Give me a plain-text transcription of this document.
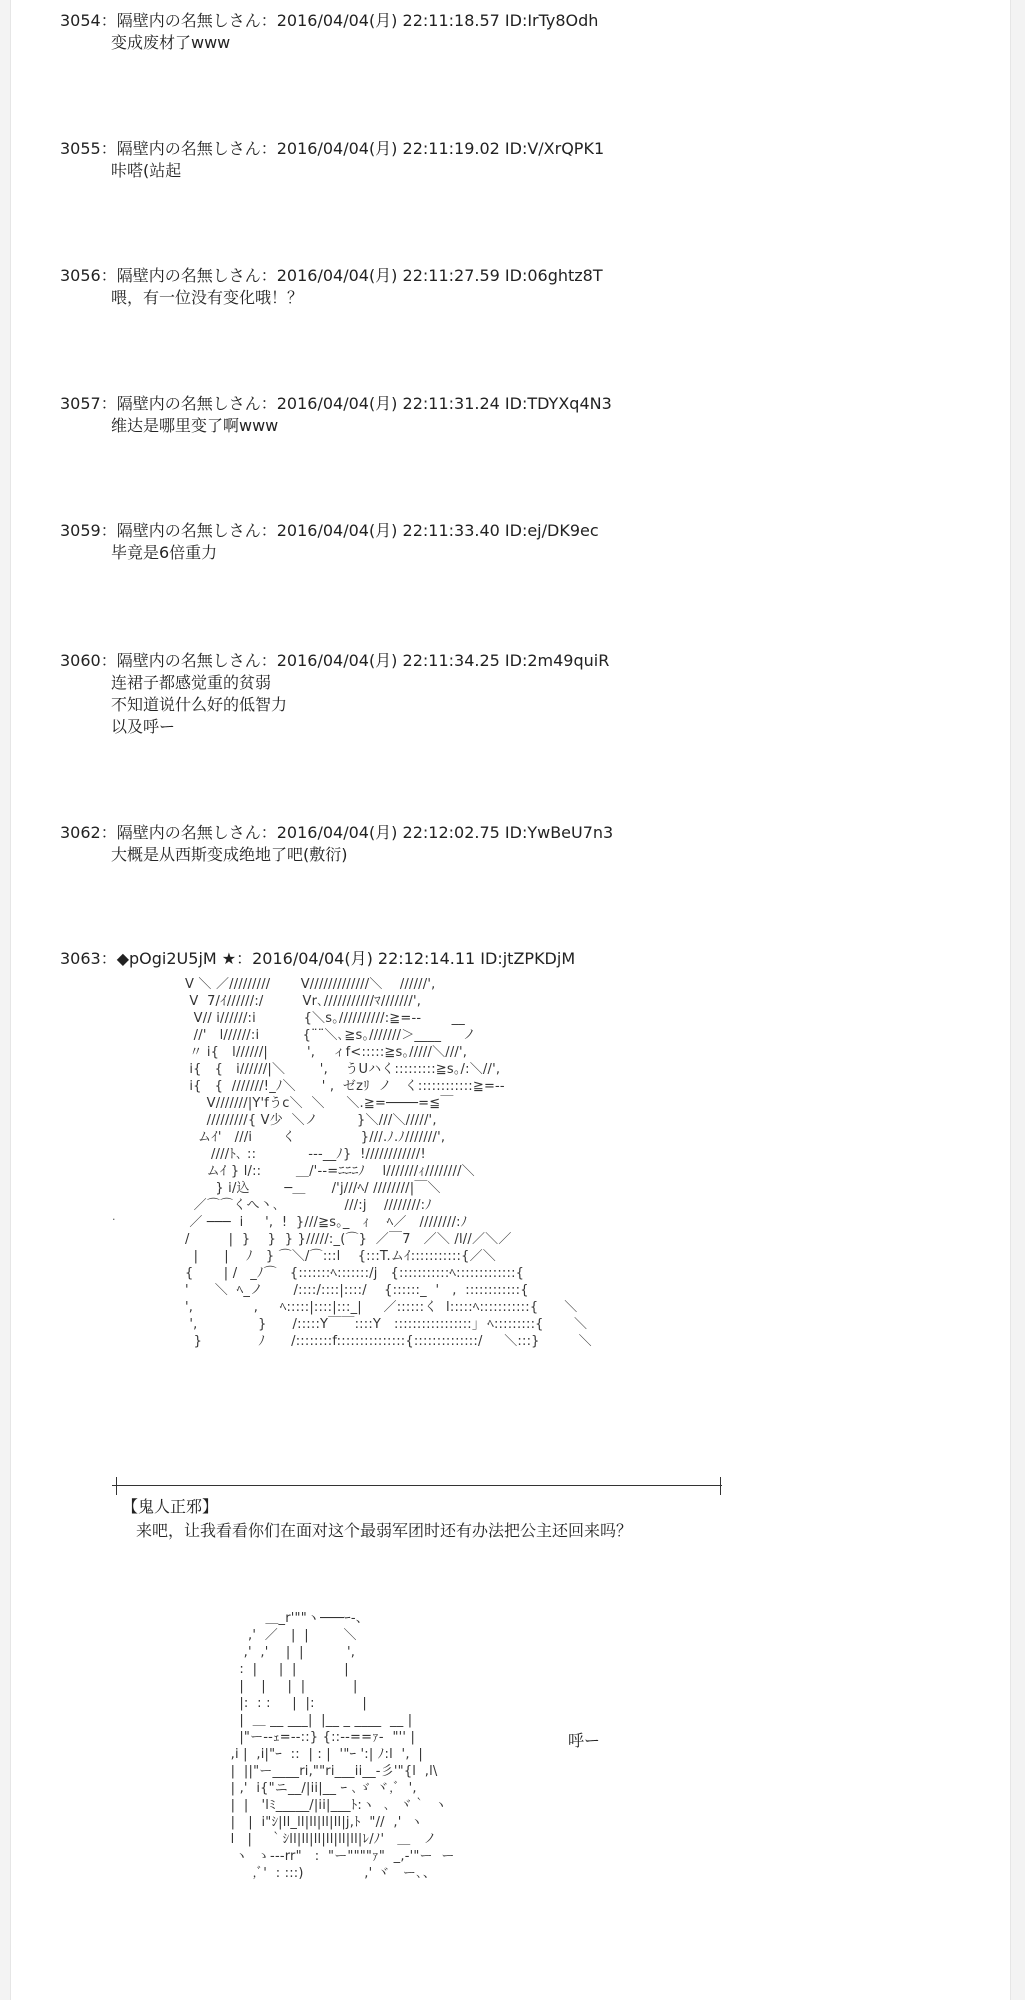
3054：隔壁内の名無しさん：2016/04/04(月) 22:11:18.57 ID:IrTy8Odh
变成废材了www
3055：隔壁内の名無しさん：2016/04/04(月) 22:11:19.02 ID:V/XrQPK1
咔嗒(站起
3056：隔壁内の名無しさん：2016/04/04(月) 22:11:27.59 ID:06ghtz8T
喂，有一位没有变化哦！？
3057：隔壁内の名無しさん：2016/04/04(月) 22:11:31.24 ID:TDYXq4N3
维达是哪里变了啊www
3059：隔壁内の名無しさん：2016/04/04(月) 22:11:33.40 ID:ej/DK9ec
毕竟是6倍重力
3060：隔壁内の名無しさん：2016/04/04(月) 22:11:34.25 ID:2m49quiR
连裙子都感觉重的贫弱
不知道说什么好的低智力
以及呼ー
3062：隔壁内の名無しさん：2016/04/04(月) 22:12:02.75 ID:YwBeU7n3
大概是从西斯变成绝地了吧(敷衍)
3063：◆pOgi2U5jM ★：2016/04/04(月) 22:12:14.11 ID:jtZPKDjM
V ＼ ／/////////       V/////////////＼    //////',
V  7/ｲ//////:/         Vr､///////////ﾏ///////',
V// i//////:i           {＼s｡//////////:≧=-‐       __
//'   l//////:i          {¨¨＼､≧s｡///////＞____     ノ
〃 i{   l//////|         ',    ィf<:::::≧s｡/////＼///',
i{   {   i//////|＼        ',    うUハく:::::::::≧s｡/:＼//',
i{   {  ///////!_ﾉ＼      ' ,  ゼzﾘ  ノ   く::::::::::::≧=-‐
V///////|Y'fうc＼  ＼     ＼.≧=────=≦￣
/////////{ V少  ＼ノ         }＼///＼/////',
ムｲ'   ///i       く               }///.ﾉ.ﾉ///////',
////ﾄ､ ::            ‐--__ﾉ}  !////////////!
ムｲ } l/::        ＿/'-‐=ﾆﾆﾆﾉ    l///////ｨ////////＼
} i/込        ─＿      /'j///ﾍ/ ////////|￣＼
／⌒⌒くへ丶､               ///:j    ////////:ﾉ
／ ───  i     ',  !  }///≧s｡_   ｨ    ﾍ／   ////////:ﾉ
/         |  }    }  } }/////:_(⌒}  ／￣7   ／＼ /l//／＼／
|      |    ﾉ   } ⌒＼/⌒:::l    {:::T.ムｲ:::::::::::{／＼
{       | /   _ﾉ⌒   {:::::::ﾍ:::::::/j   {:::::::::::ﾍ:::::::::::::{
'      ＼  ﾍ_ノ       /::::/::::|::::/    {::::::_  '   ,  ::::::::::::{
',              ,     ﾍ:::::|::::|:::_|     ／::::::く  l:::::ﾍ:::::::::::{      ＼
',              }      /:::::Y￣￣::::Y   :::::::::::::::::｣  ﾍ:::::::::{       ＼
}             ﾉ      /::::::::f:::::::::::::::{::::::::::::::/     ＼:::}         ＼
.
【鬼人正邪】
来吧，让我看看你们在面对这个最弱军团时还有办法把公主还回来吗？
＿_r'""ヽ───ｰ-、
,'  ／   |  |        ＼
,'  ,'    |  |          ',
:  |     |  |           |
|    |     |  |           |
|:  : :     |  |:           |
|  ＿ __ ___|  |__ _ ____  __ |
|"ー--ｪ=--::} {::--==ｧ-  "'' |
,i |  ,i|"ｰ  ::  | : |  '"ｰ ':| ﾉ:l  ',  |
|  ||"ー____ri,""ri___ii__-彡'"{l  ,l\
| ,'  i{"ニ__/|ii|__ ｰ ､ゞ ヾ,ﾞ  ',
|  |   'lﾐ_____/|ii|___ﾄ:ヽ  ､  ヾ｀  ヽ
|   |  i"ｼ|ll_ll|ll|ll|ll|j,ﾄ  "//  ,'  ヽ
l   |    ｀ｼll|ll|ll|ll|ll|ll|ﾚ/ﾉ'   ＿   ノ
ヽ  ゝ---rr"   :  "ー""""ｧ"  _,-'"ー  ー
,ﾞ'  : :::)              ,' ヾ   ー､、
呼ー
